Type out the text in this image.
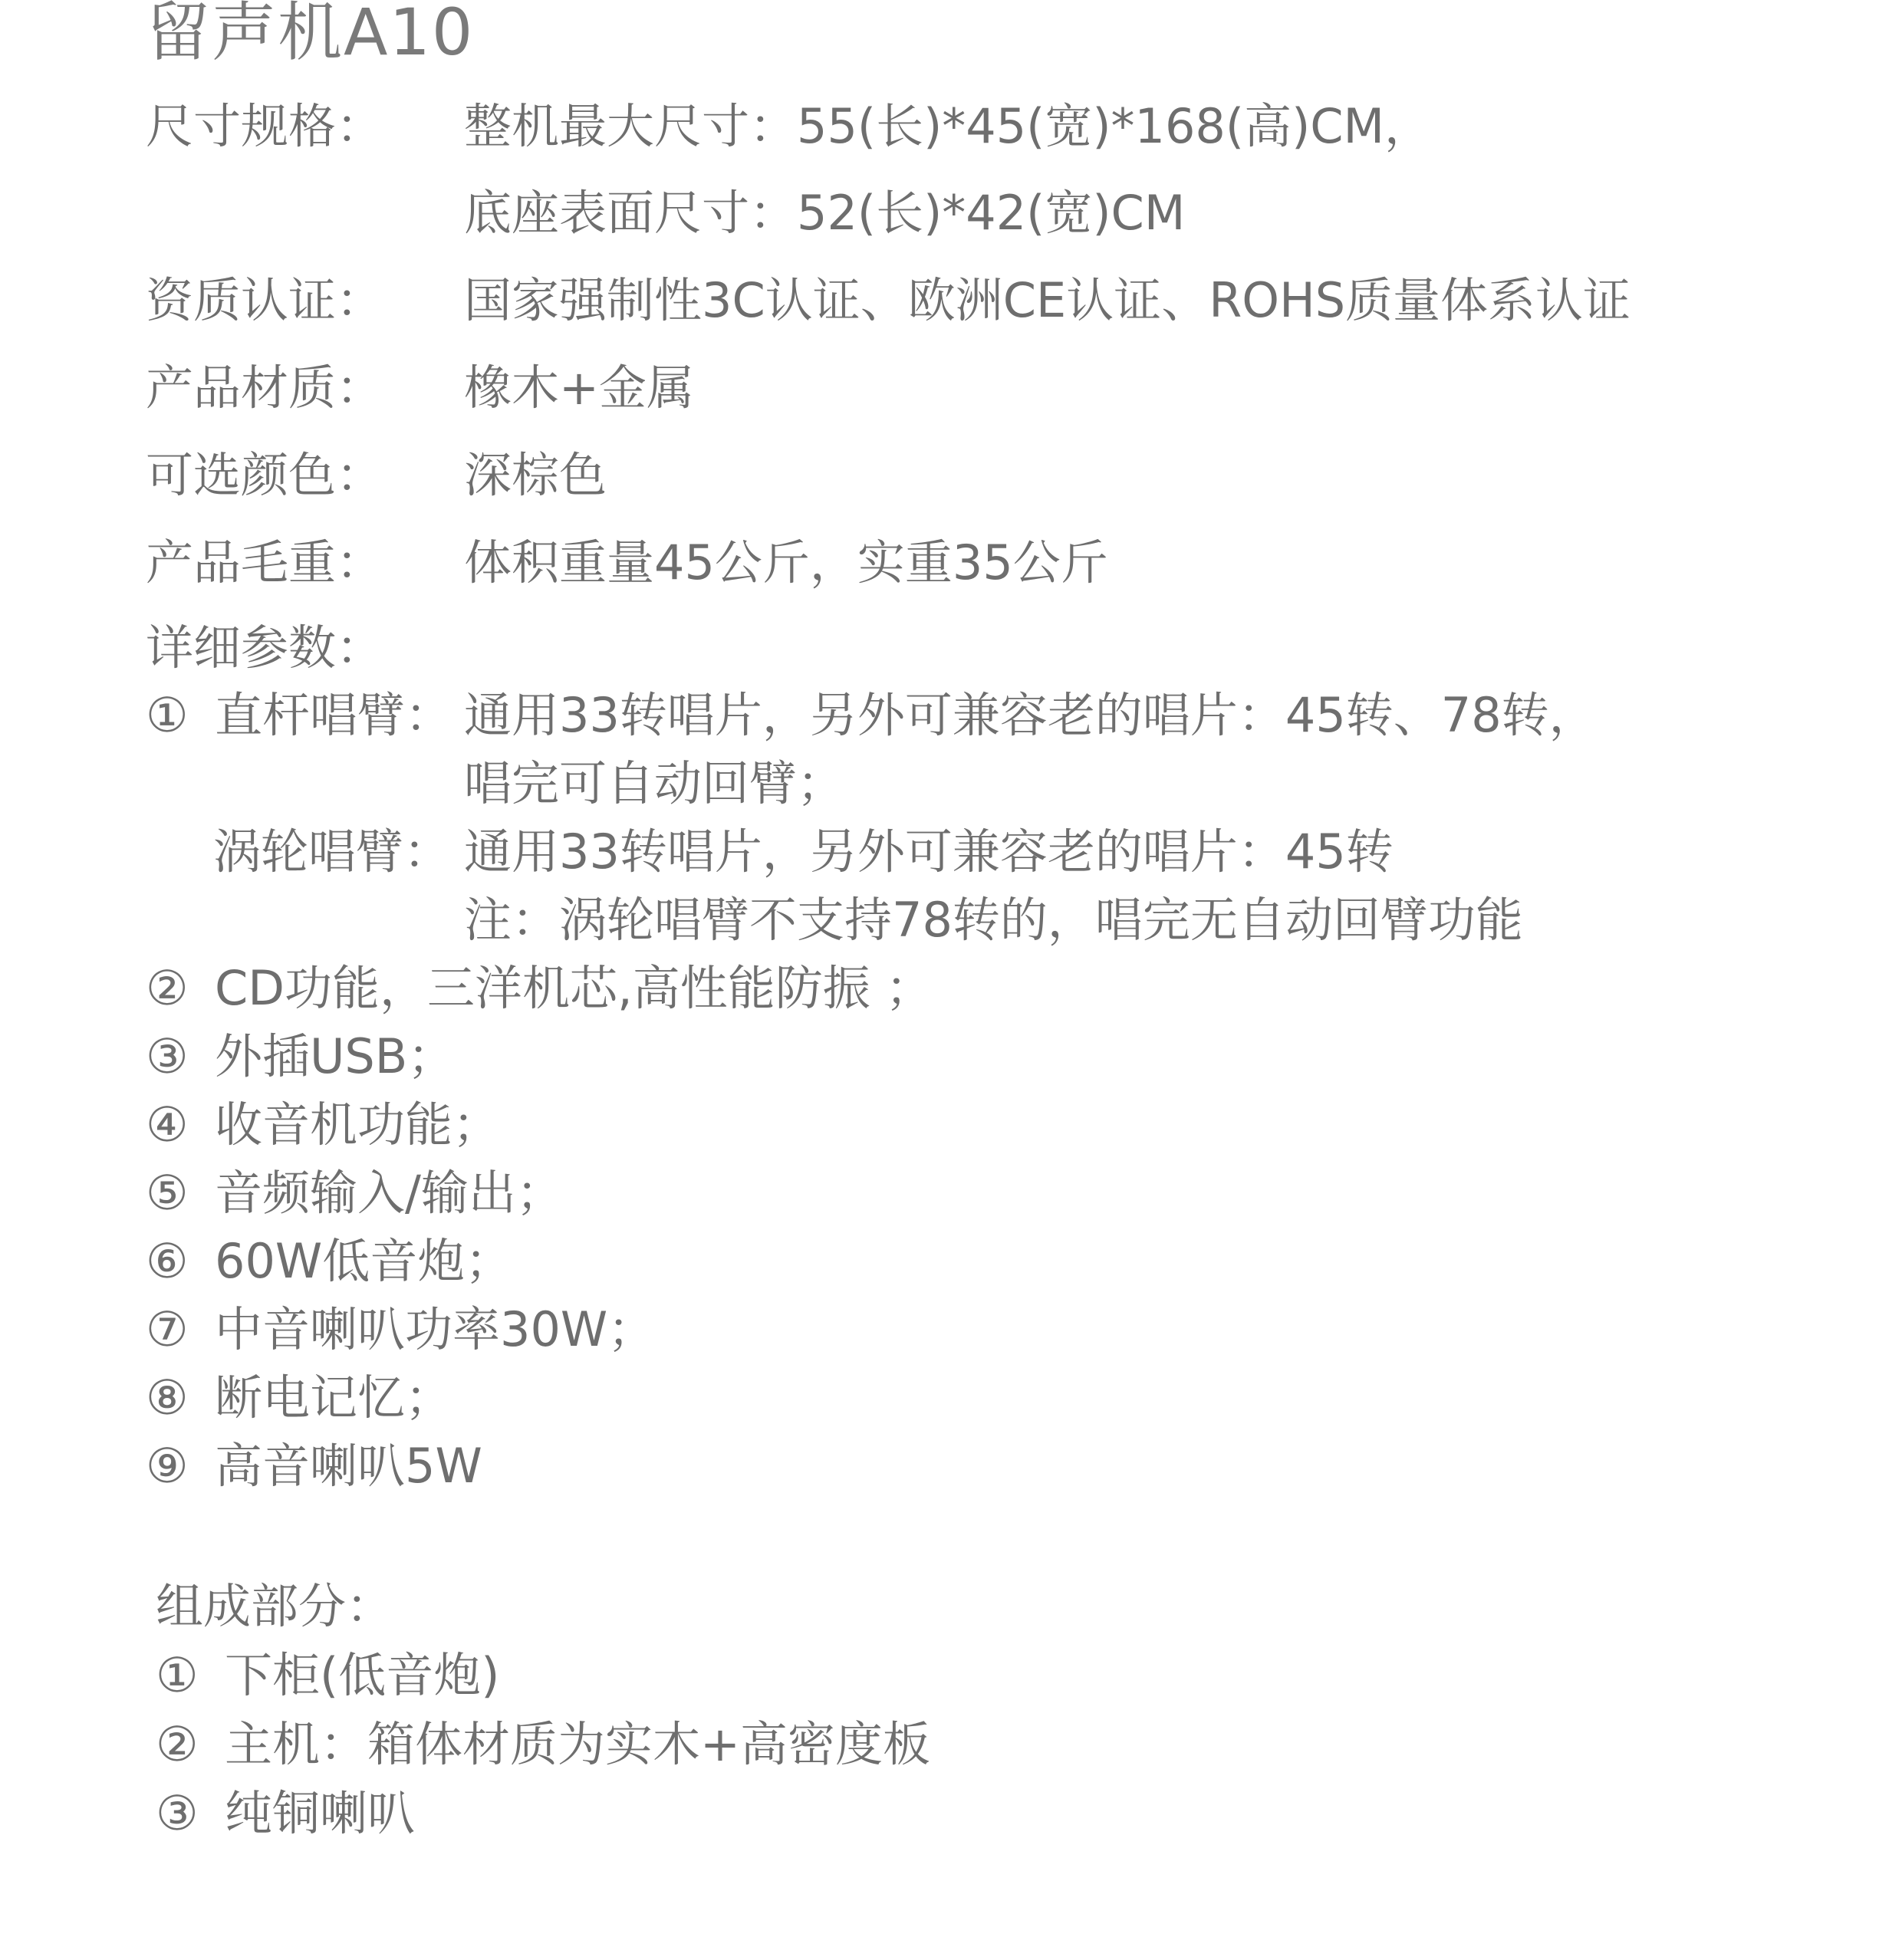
留声机A10
尺寸规格： 整机最大尺寸：55(长)*45(宽)*168(高)CM，
底座表面尺寸：52(长)*42(宽)CM
资质认证： 国家强制性3C认证、欧洲CE认证、ROHS质量体系认证
产品材质： 橡木+金属
可选颜色： 深棕色
产品毛重： 体积重量45公斤，实重35公斤
详细参数：
① 直杆唱臂： 通用33转唱片，另外可兼容老的唱片：45转、78转，
唱完可自动回臂；
涡轮唱臂： 通用33转唱片，另外可兼容老的唱片：45转
注：涡轮唱臂不支持78转的，唱完无自动回臂功能
② CD功能，三洋机芯,高性能防振 ；
③ 外插USB；
④ 收音机功能；
⑤ 音频输入/输出；
⑥ 60W低音炮；
⑦ 中音喇叭功率30W；
⑧ 断电记忆；
⑨ 高音喇叭5W
组成部分：
① 下柜(低音炮)
② 主机：箱体材质为实木+高密度板
③ 纯铜喇叭
